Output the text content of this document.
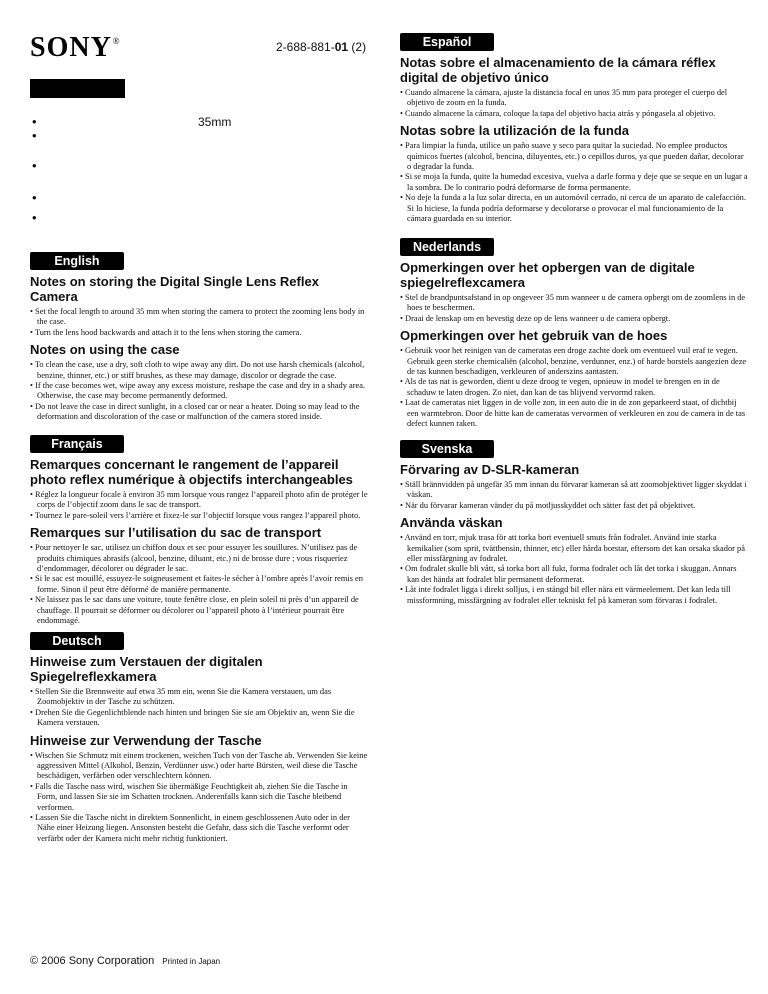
SONY®	2-688-881-01 (2)
•
•
•
•
•
35mm
English
Notes on storing the Digital Single Lens Reflex Camera
• Set the focal length to around 35 mm when storing the camera to protect the zooming lens body in the case.
• Turn the lens hood backwards and attach it to the lens when storing the camera.
Notes on using the case
• To clean the case, use a dry, soft cloth to wipe away any dirt. Do not use harsh chemicals (alcohol, benzine, thinner, etc.) or stiff brushes, as these may damage, discolor or degrade the case.
• If the case becomes wet, wipe away any excess moisture, reshape the case and dry in a shady area. Otherwise, the case may become permanently deformed.
• Do not leave the case in direct sunlight, in a closed car or near a heater. Doing so may lead to the deformation and discoloration of the case or malfunction of the camera stored inside.
Français
Remarques concernant le rangement de l’appareil photo reflex numérique à objectifs interchangeables
• Réglez la longueur focale à environ 35 mm lorsque vous rangez l’appareil photo afin de protéger le corps de l’objectif zoom dans le sac de transport.
• Tournez le pare-soleil vers l’arrière et fixez-le sur l’objectif lorsque vous rangez l’appareil photo.
Remarques sur l’utilisation du sac de transport
• Pour nettoyer le sac, utilisez un chiffon doux et sec pour essuyer les souillures. N’utilisez pas de produits chimiques abrasifs (alcool, benzine, diluant, etc.) ni de brosse dure ; vous risqueriez d’endommager, décolorer ou dégrader le sac.
• Si le sac est mouillé, essuyez-le soigneusement et faites-le sécher à l’ombre après l’avoir remis en forme. Sinon il peut être déformé de manière permanente.
• Ne laissez pas le sac dans une voiture, toute fenêtre close, en plein soleil ni près d’un appareil de chauffage. Il pourrait se déformer ou décolorer ou l’appareil photo à l’intérieur pourrait être endommagé.
Deutsch
Hinweise zum Verstauen der digitalen Spiegelreflexkamera
• Stellen Sie die Brennweite auf etwa 35 mm ein, wenn Sie die Kamera verstauen, um das Zoomobjektiv in der Tasche zu schützen.
• Drehen Sie die Gegenlichtblende nach hinten und bringen Sie sie am Objektiv an, wenn Sie die Kamera verstauen.
Hinweise zur Verwendung der Tasche
• Wischen Sie Schmutz mit einem trockenen, weichen Tuch von der Tasche ab. Verwenden Sie keine aggressiven Mittel (Alkohol, Benzin, Verdünner usw.) oder harte Bürsten, weil diese die Tasche beschädigen, verfärben oder verschlechtern können.
• Falls die Tasche nass wird, wischen Sie übermäßige Feuchtigkeit ab, ziehen Sie die Tasche in Form, und lassen Sie sie im Schatten trocknen. Anderenfalls kann sich die Tasche bleibend verformen.
• Lassen Sie die Tasche nicht in direktem Sonnenlicht, in einem geschlossenen Auto oder in der Nähe einer Heizung liegen. Ansonsten besteht die Gefahr, dass sich die Tasche verformt oder verfärbt oder der Kamera nicht mehr richtig funktioniert.
Español
Notas sobre el almacenamiento de la cámara réflex digital de objetivo único
• Cuando almacene la cámara, ajuste la distancia focal en unos 35 mm para proteger el cuerpo del objetivo de zoom en la funda.
• Cuando almacene la cámara, coloque la tapa del objetivo hacia atrás y póngasela al objetivo.
Notas sobre la utilización de la funda
• Para limpiar la funda, utilice un paño suave y seco para quitar la suciedad. No emplee productos químicos fuertes (alcohol, bencina, diluyentes, etc.) o cepillos duros, ya que pueden dañar, decolorar o degradar la funda.
• Si se moja la funda, quite la humedad excesiva, vuelva a darle forma y deje que se seque en un lugar a la sombra. De lo contrario podrá deformarse de forma permanente.
• No deje la funda a la luz solar directa, en un automóvil cerrado, ni cerca de un aparato de calefacción. Si lo hiciese, la funda podría deformarse y decolorarse o provocar el mal funcionamiento de la cámara guardada en su interior.
Nederlands
Opmerkingen over het opbergen van de digitale spiegelreflexcamera
• Stel de brandpuntsafstand in op ongeveer 35 mm wanneer u de camera opbergt om de zoomlens in de hoes te beschermen.
• Draai de lenskap om en bevestig deze op de lens wanneer u de camera opbergt.
Opmerkingen over het gebruik van de hoes
• Gebruik voor het reinigen van de cameratas een droge zachte doek om eventueel vuil eraf te vegen. Gebruik geen sterke chemicaliën (alcohol, benzine, verdunner, enz.) of harde borstels aangezien deze de tas kunnen beschadigen, verkleuren of anderszins aantasten.
• Als de tas nat is geworden, dient u deze droog te vegen, opnieuw in model te brengen en in de schaduw te laten drogen. Zo niet, dan kan de tas blijvend vervormd raken.
• Laat de cameratas niet liggen in de volle zon, in een auto die in de zon geparkeerd staat, of dichtbij een warmtebron. Door de hitte kan de cameratas vervormen of verkleuren en zou de camera in de tas defect kunnen raken.
Svenska
Förvaring av D-SLR-kameran
• Ställ brännvidden på ungefär 35 mm innan du förvarar kameran så att zoomobjektivet ligger skyddat i väskan.
• När du förvarar kameran vänder du på motljusskyddet och sätter fast det på objektivet.
Använda väskan
• Använd en torr, mjuk trasa för att torka bort eventuell smuts från fodralet. Använd inte starka kemikalier (som sprit, tvättbensin, thinner, etc) eller hårda borstar, eftersom det kan orsaka skador på eller missfärgning av fodralet.
• Om fodralet skulle bli vått, så torka bort all fukt, forma fodralet och låt det torka i skuggan. Annars kan det hända att fodralet blir permanent deformerat.
• Låt inte fodralet ligga i direkt solljus, i en stängd bil eller nära ett värmeelement. Det kan leda till missformning, missfärgning av fodralet eller tekniskt fel på kameran som förvaras i fodralet.
© 2006 Sony Corporation Printed in Japan
